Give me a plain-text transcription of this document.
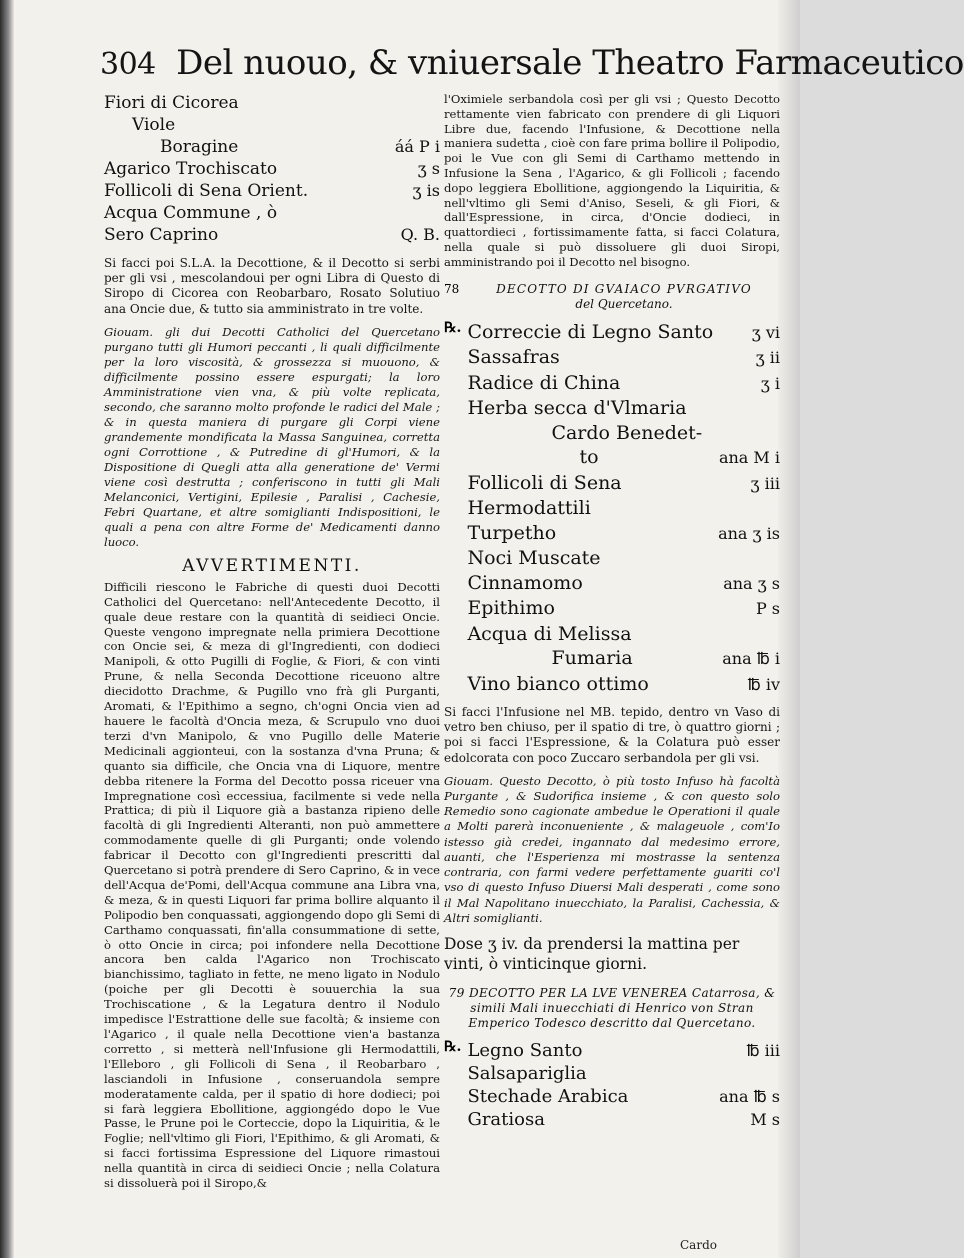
304 Del nuouo, & vniuersale Theatro Farmaceutico
Fiori di Cicorea
Viole
Boragine	áá P i
Agarico Trochiscato	ʒ s
Follicoli di Sena Orient.	ʒ is
Acqua Commune , ò
Sero Caprino	Q. B.

Si facci poi S.L.A. la Decottione, & il Decotto si serbi per gli vsi , mescolandoui per ogni Libra di Questo di Siropo di Cicorea con Reobarbaro, Rosato Solutiuo ana Oncie due, & tutto sia amministrato in tre volte.

Giouam. gli dui Decotti Catholici del Quercetano purgano tutti gli Humori peccanti , li quali difficilmente per la loro viscosità, & grossezza si muouono, & difficilmente possino essere espurgati; la loro Amministratione vien vna, & più volte replicata, secondo, che saranno molto profonde le radici del Male ; & in questa maniera di purgare gli Corpi viene grandemente mondificata la Massa Sanguinea, corretta ogni Corrottione , & Putredine di gl'Humori, & la Dispositione di Quegli atta alla generatione de' Vermi viene così destrutta ; conferiscono in tutti gli Mali Melanconici, Vertigini, Epilesie , Paralisi , Cachesie, Febri Quartane, et altre somiglianti Indispositioni, le quali a pena con altre Forme de' Medicamenti danno luoco.

AVVERTIMENTI.

Difficili riescono le Fabriche di questi duoi Decotti Catholici del Quercetano: nell'Antecedente Decotto, il quale deue restare con la quantità di seidieci Oncie. Queste vengono impregnate nella primiera Decottione con Oncie sei, & meza di gl'Ingredienti, con dodieci Manipoli, & otto Pugilli di Foglie, & Fiori, & con vinti Prune, & nella Seconda Decottione riceuono altre diecidotto Drachme, & Pugillo vno frà gli Purganti, Aromati, & l'Epithimo a segno, ch'ogni Oncia vien ad hauere le facoltà d'Oncia meza, & Scrupulo vno duoi terzi d'vn Manipolo, & vno Pugillo delle Materie Medicinali aggionteui, con la sostanza d'vna Pruna; & quanto sia difficile, che Oncia vna di Liquore, mentre debba ritenere la Forma del Decotto possa riceuer vna Impregnatione così eccessiua, facilmente si vede nella Prattica; di più il Liquore già a bastanza ripieno delle facoltà di gli Ingredienti Alteranti, non può ammettere commodamente quelle di gli Purganti; onde volendo fabricar il Decotto con gl'Ingredienti prescritti dal Quercetano si potrà prendere di Sero Caprino, & in vece dell'Acqua de'Pomi, dell'Acqua commune ana Libra vna, & meza, & in questi Liquori far prima bollire alquanto il Polipodio ben conquassati, aggiongendo dopo gli Semi di Carthamo conquassati, fin'alla consummatione di sette, ò otto Oncie in circa; poi infondere nella Decottione ancora ben calda l'Agarico non Trochiscato bianchissimo, tagliato in fette, ne meno ligato in Nodulo (poiche per gli Decotti è souuerchia la sua Trochiscatione , & la Legatura dentro il Nodulo impedisce l'Estrattione delle sue facoltà; & insieme con l'Agarico , il quale nella Decottione vien'a bastanza corretto , si metterà nell'Infusione gli Hermodattili, l'Elleboro , gli Follicoli di Sena , il Reobarbaro , lasciandoli in Infusione , conseruandola sempre moderatamente calda, per il spatio di hore dodieci; poi si farà leggiera Ebollitione, aggiongédo dopo le Vue Passe, le Prune poi le Corteccie, dopo la Liquiritia, & le Foglie; nell'vltimo gli Fiori, l'Epithimo, & gli Aromati, & si facci fortissima Espressione del Liquore rimastoui nella quantità in circa di seidieci Oncie ; nella Colatura si dissoluerà poi il Siropo,&

l'Oximiele serbandola così per gli vsi ; Questo Decotto rettamente vien fabricato con prendere di gli Liquori Libre due, facendo l'Infusione, & Decottione nella maniera sudetta , cioè con fare prima bollire il Polipodio, poi le Vue con gli Semi di Carthamo mettendo in Infusione la Sena , l'Agarico, & gli Follicoli ; facendo dopo leggiera Ebollitione, aggiongendo la Liquiritia, & nell'vltimo gli Semi d'Aniso, Seseli, & gli Fiori, & dall'Espressione, in circa, d'Oncie dodieci, in quattordieci , fortissimamente fatta, si facci Colatura, nella quale si può dissoluere gli duoi Siropi, amministrando poi il Decotto nel bisogno.

78	DECOTTO DI GVAIACO PVRGATIVO
del Quercetano.
℞. Correccie di Legno Santo	ʒ vi
Sassafras	ʒ ii
Radice di China	ʒ i
Herba secca d'Vlmaria
Cardo Benedet-
to	ana M i
Follicoli di Sena	ʒ iii
Hermodattili
Turpetho	ana ʒ is
Noci Muscate
Cinnamomo	ana ʒ s
Epithimo	P s
Acqua di Melissa
Fumaria	ana ℔ i
Vino bianco ottimo	℔ iv

Si facci l'Infusione nel MB. tepido, dentro vn Vaso di vetro ben chiuso, per il spatio di tre, ò quattro giorni ; poi si facci l'Espressione, & la Colatura può esser edolcorata con poco Zuccaro serbandola per gli vsi.

Giouam. Questo Decotto, ò più tosto Infuso hà facoltà Purgante , & Sudorifica insieme , & con questo solo Remedio sono cagionate ambedue le Operationi il quale a Molti parerà inconueniente , & malageuole , com'Io istesso già credei, ingannato dal medesimo errore, auanti, che l'Esperienza mi mostrasse la sentenza contraria, con farmi vedere perfettamente guariti co'l vso di questo Infuso Diuersi Mali desperati , come sono il Mal Napolitano inuecchiato, la Paralisi, Cachessia, & Altri somiglianti.

Dose ʒ iv. da prendersi la mattina per vinti, ò vinticinque giorni.
79 DECOTTO PER LA LVE VENEREA Catarrosa, & simili Mali inuecchiati di Henrico von Stran Emperico Todesco descritto dal Quercetano.
℞. Legno Santo	℔ iii
Salsapariglia
Stechade Arabica	ana ℔ s
Gratiosa	M s
Cardo
